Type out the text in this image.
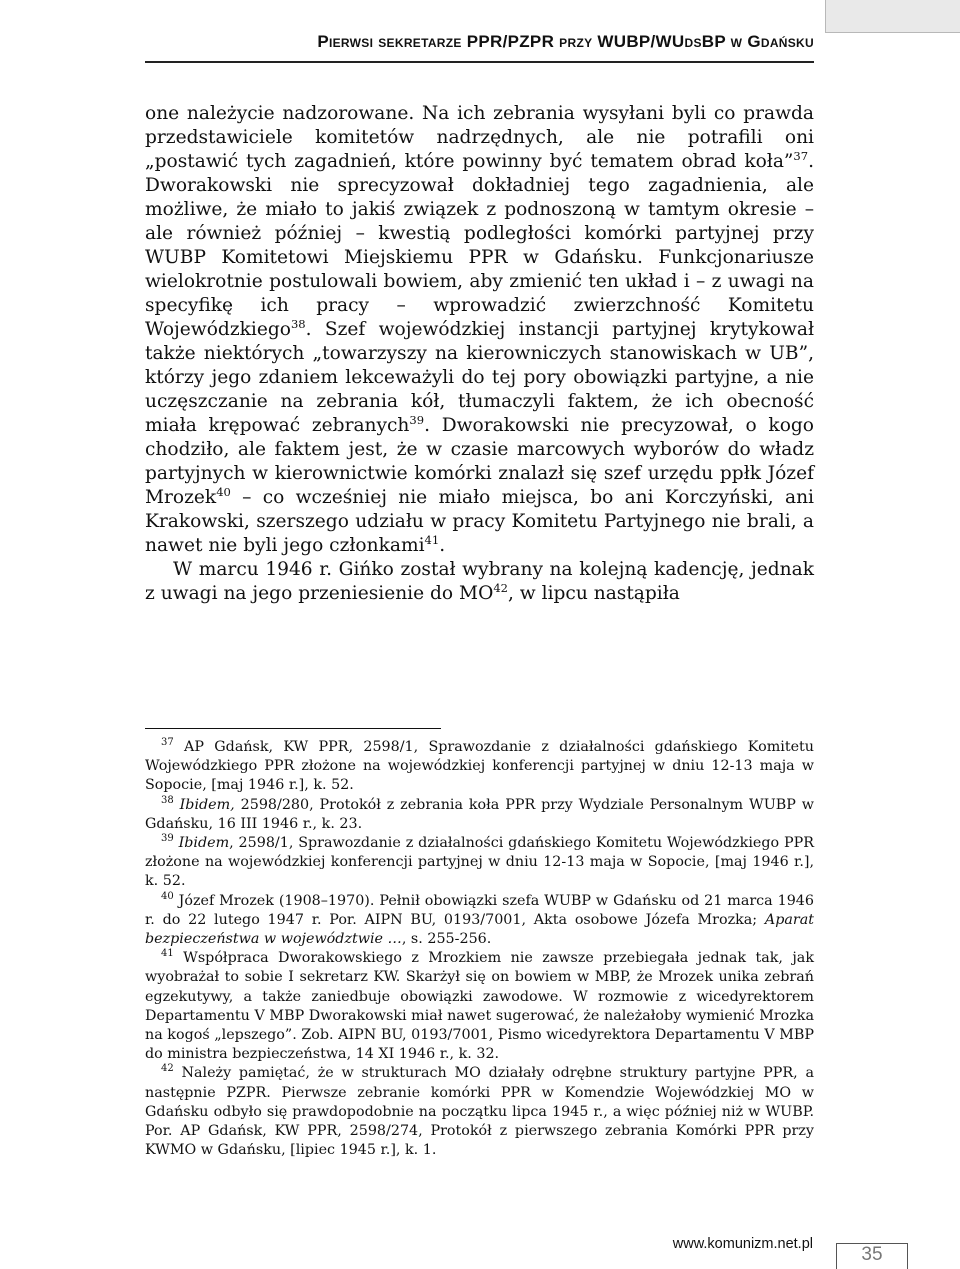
Pierwsi sekretarze PPR/PZPR przy WUBP/WUdsBP w Gdańsku

one należycie nadzorowane. Na ich zebrania wysyłani byli co prawda przedstawiciele komitetów nadrzędnych, ale nie potrafili oni „postawić tych zagadnień, które powinny być tematem obrad koła”$^{37}$. Dworakowski nie sprecyzował dokładniej tego zagadnienia, ale możliwe, że miało to jakiś związek z podnoszoną w tamtym okresie – ale również później – kwestią podległości komórki partyjnej przy WUBP Komitetowi Miejskiemu PPR w Gdańsku. Funkcjonariusze wielokrotnie postulowali bowiem, aby zmienić ten układ i – z uwagi na specyfikę ich pracy – wprowadzić zwierzchność Komitetu Wojewódzkiego$^{38}$. Szef wojewódzkiej instancji partyjnej krytykował także niektórych „towarzyszy na kierowniczych stanowiskach w UB”, którzy jego zdaniem lekceważyli do tej pory obowiązki partyjne, a nie uczęszczanie na zebrania kół, tłumaczyli faktem, że ich obecność miała krępować zebranych$^{39}$. Dworakowski nie precyzował, o kogo chodziło, ale faktem jest, że w czasie marcowych wyborów do władz partyjnych w kierownictwie komórki znalazł się szef urzędu ppłk Józef Mrozek$^{40}$ – co wcześniej nie miało miejsca, bo ani Korczyński, ani Krakowski, szerszego udziału w pracy Komitetu Partyjnego nie brali, a nawet nie byli jego członkami$^{41}$.

W marcu 1946 r. Gińko został wybrany na kolejną kadencję, jednak z uwagi na jego przeniesienie do MO$^{42}$, w lipcu nastąpiła

$^{37}$ AP Gdańsk, KW PPR, 2598/1, Sprawozdanie z działalności gdańskiego Komitetu Wojewódzkiego PPR złożone na wojewódzkiej konferencji partyjnej w dniu 12-13 maja w Sopocie, [maj 1946 r.], k. 52.

$^{38}$ Ibidem, 2598/280, Protokół z zebrania koła PPR przy Wydziale Personalnym WUBP w Gdańsku, 16 III 1946 r., k. 23.

$^{39}$ Ibidem, 2598/1, Sprawozdanie z działalności gdańskiego Komitetu Wojewódzkiego PPR złożone na wojewódzkiej konferencji partyjnej w dniu 12-13 maja w Sopocie, [maj 1946 r.], k. 52.

$^{40}$ Józef Mrozek (1908–1970). Pełnił obowiązki szefa WUBP w Gdańsku od 21 marca 1946 r. do 22 lutego 1947 r. Por. AIPN BU, 0193/7001, Akta osobowe Józefa Mrozka; Aparat bezpieczeństwa w województwie …, s. 255-256.

$^{41}$ Współpraca Dworakowskiego z Mrozkiem nie zawsze przebiegała jednak tak, jak wyobrażał to sobie I sekretarz KW. Skarżył się on bowiem w MBP, że Mrozek unika zebrań egzekutywy, a także zaniedbuje obowiązki zawodowe. W rozmowie z wicedyrektorem Departamentu V MBP Dworakowski miał nawet sugerować, że należałoby wymienić Mrozka na kogoś „lepszego”. Zob. AIPN BU, 0193/7001, Pismo wicedyrektora Departamentu V MBP do ministra bezpieczeństwa, 14 XI 1946 r., k. 32.

$^{42}$ Należy pamiętać, że w strukturach MO działały odrębne struktury partyjne PPR, a następnie PZPR. Pierwsze zebranie komórki PPR w Komendzie Wojewódzkiej MO w Gdańsku odbyło się prawdopodobnie na początku lipca 1945 r., a więc później niż w WUBP. Por. AP Gdańsk, KW PPR, 2598/274, Protokół z pierwszego zebrania Komórki PPR przy KWMO w Gdańsku, [lipiec 1945 r.], k. 1.

www.komunizm.net.pl	35
